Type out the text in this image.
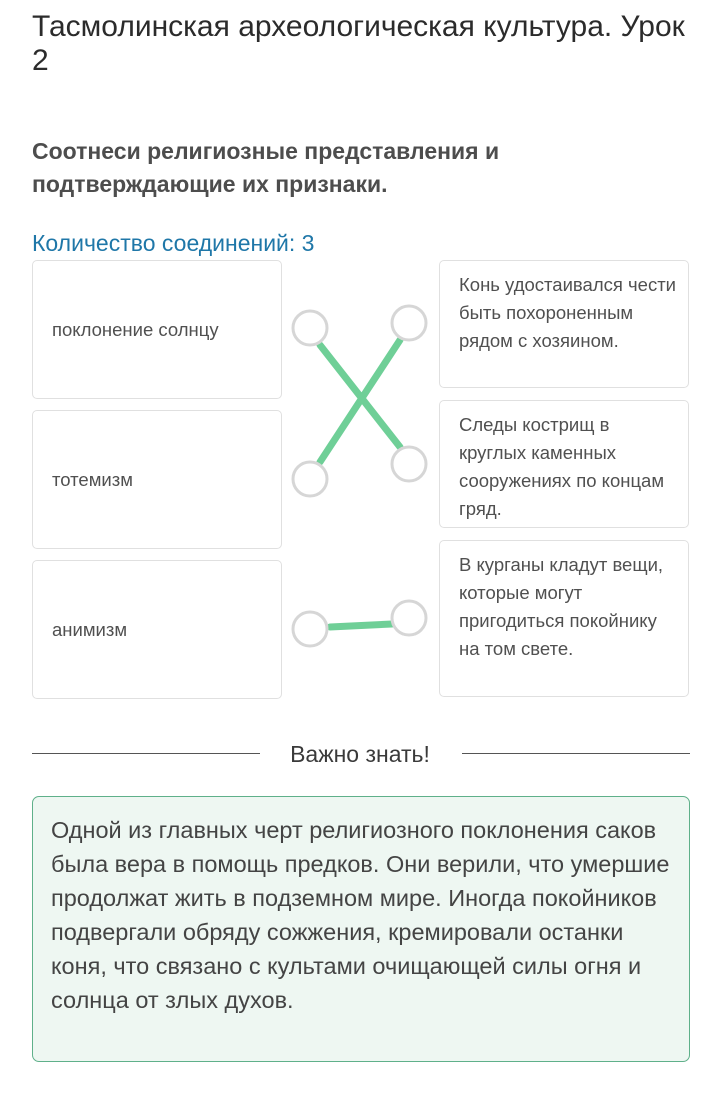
Тасмолинская археологическая культура. Урок 2
Соотнеси религиозные представления и подтверждающие их признаки.
Количество соединений: 3
поклонение солнцу
тотемизм
анимизм
Конь удостаивался чести быть похороненным рядом с хозяином.
Следы кострищ в круглых каменных сооружениях по концам гряд.
В курганы кладут вещи, которые могут пригодиться покойнику на том свете.
Важно знать!
Одной из главных черт религиозного поклонения саков была вера в помощь предков. Они верили, что умершие продолжат жить в подземном мире. Иногда покойников подвергали обряду сожжения, кремировали останки коня, что связано с культами очищающей силы огня и солнца от злых духов.
